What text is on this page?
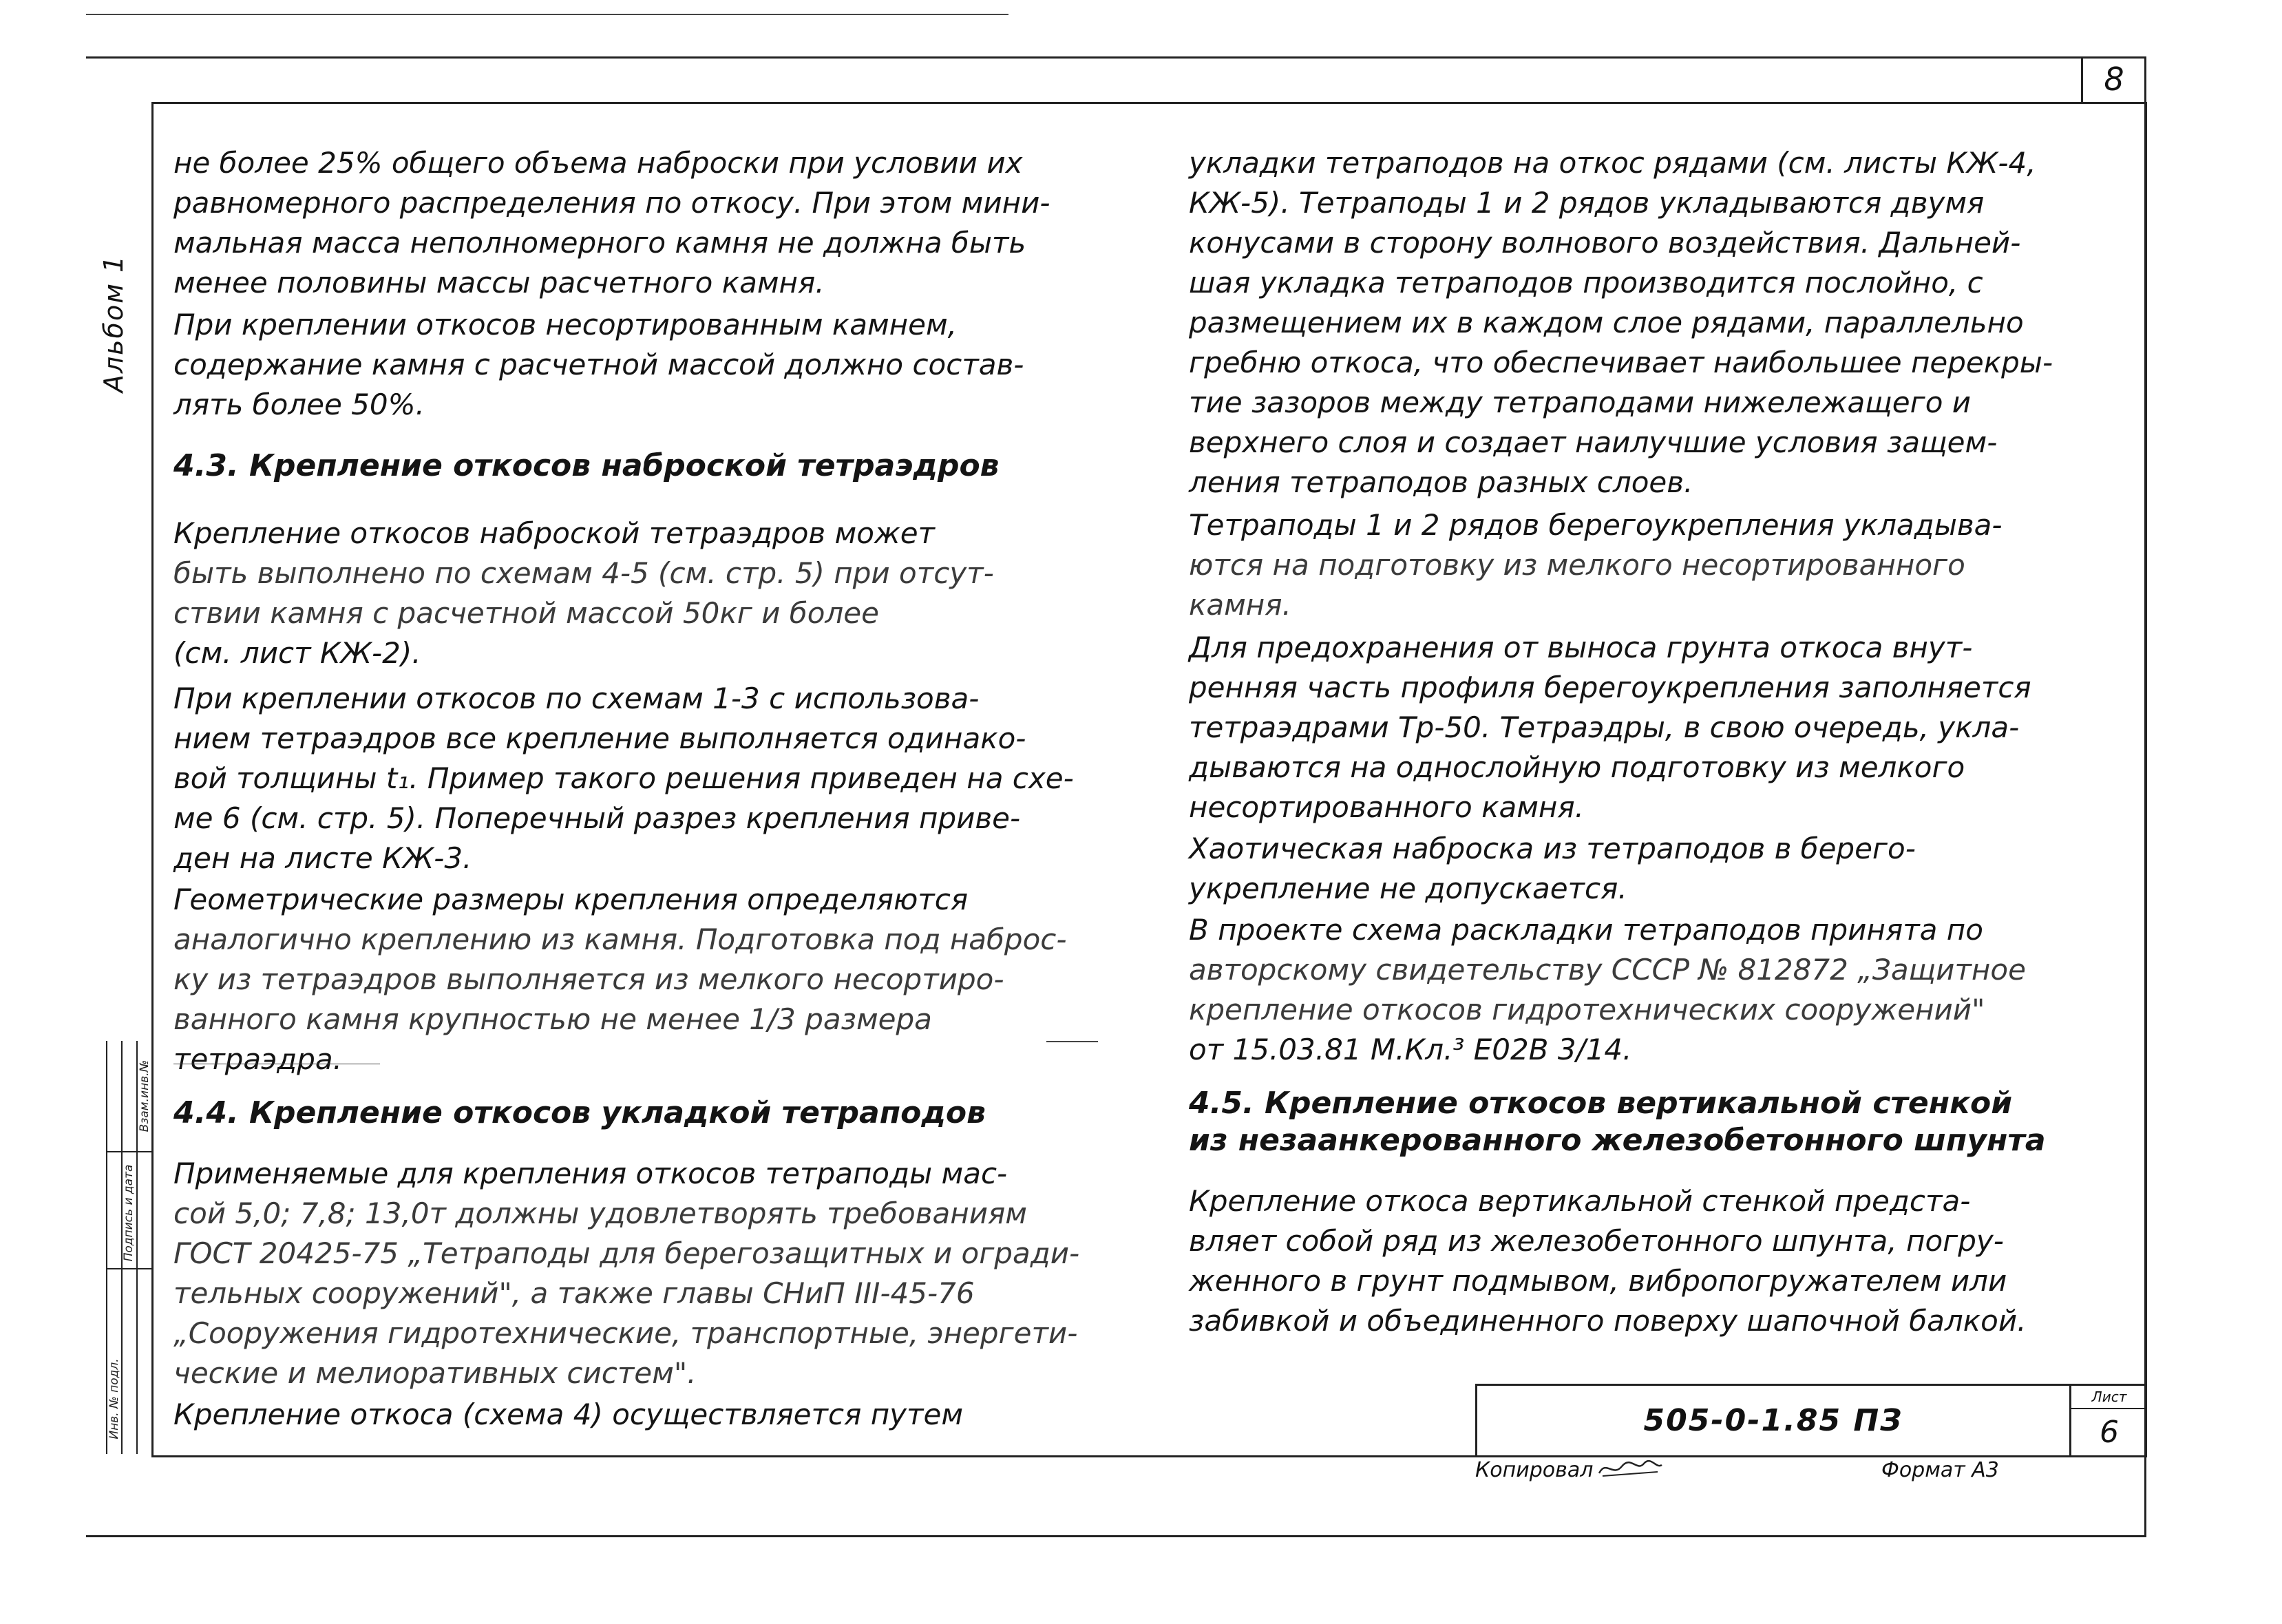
8
Альбом 1
Инв. № подл.
Подпись и дата
Взам.инв.№
не более 25% общего объема наброски при условии их
равномерного распределения по откосу. При этом мини-
мальная масса неполномерного камня не должна быть
менее половины массы расчетного камня.
При креплении откосов несортированным камнем,
содержание камня с расчетной массой должно состав-
лять более 50%.
4.3. Крепление откосов наброской тетраэдров
Крепление откосов наброской тетраэдров может
быть выполнено по схемам 4-5 (см. стр. 5) при отсут-
ствии камня с расчетной массой 50кг и более
(см. лист КЖ-2).
При креплении откосов по схемам 1-3 с использова-
нием тетраэдров все крепление выполняется одинако-
вой толщины t₁. Пример такого решения приведен на схе-
ме 6 (см. стр. 5). Поперечный разрез крепления приве-
ден на листе КЖ-3.
Геометрические размеры крепления определяются
аналогично креплению из камня. Подготовка под наброс-
ку из тетраэдров выполняется из мелкого несортиро-
ванного камня крупностью не менее 1/3 размера
тетраэдра.
4.4. Крепление откосов укладкой тетраподов
Применяемые для крепления откосов тетраподы мас-
сой 5,0; 7,8; 13,0т должны удовлетворять требованиям
ГОСТ 20425-75 „Тетраподы для берегозащитных и огради-
тельных сооружений", а также главы СНиП III-45-76
„Сооружения гидротехнические, транспортные, энергети-
ческие и мелиоративных систем".
Крепление откоса (схема 4) осуществляется путем
укладки тетраподов на откос рядами (см. листы КЖ-4,
КЖ-5). Тетраподы 1 и 2 рядов укладываются двумя
конусами в сторону волнового воздействия. Дальней-
шая укладка тетраподов производится послойно, с
размещением их в каждом слое рядами, параллельно
гребню откоса, что обеспечивает наибольшее перекры-
тие зазоров между тетраподами нижележащего и
верхнего слоя и создает наилучшие условия защем-
ления тетраподов разных слоев.
Тетраподы 1 и 2 рядов берегоукрепления укладыва-
ются на подготовку из мелкого несортированного
камня.
Для предохранения от выноса грунта откоса внут-
ренняя часть профиля берегоукрепления заполняется
тетраэдрами Тр-50. Тетраэдры, в свою очередь, укла-
дываются на однослойную подготовку из мелкого
несортированного камня.
Хаотическая наброска из тетраподов в берего-
укрепление не допускается.
В проекте схема раскладки тетраподов принята по
авторскому свидетельству СССР № 812872 „Защитное
крепление откосов гидротехнических сооружений"
от 15.03.81 М.Кл.³ Е02В 3/14.
4.5. Крепление откосов вертикальной стенкой
из незаанкерованного железобетонного шпунта
Крепление откоса вертикальной стенкой предста-
вляет собой ряд из железобетонного шпунта, погру-
женного в грунт подмывом, вибропогружателем или
забивкой и объединенного поверху шапочной балкой.
505-0-1.85 ПЗ
Лист
6
Копировал	Формат А3
